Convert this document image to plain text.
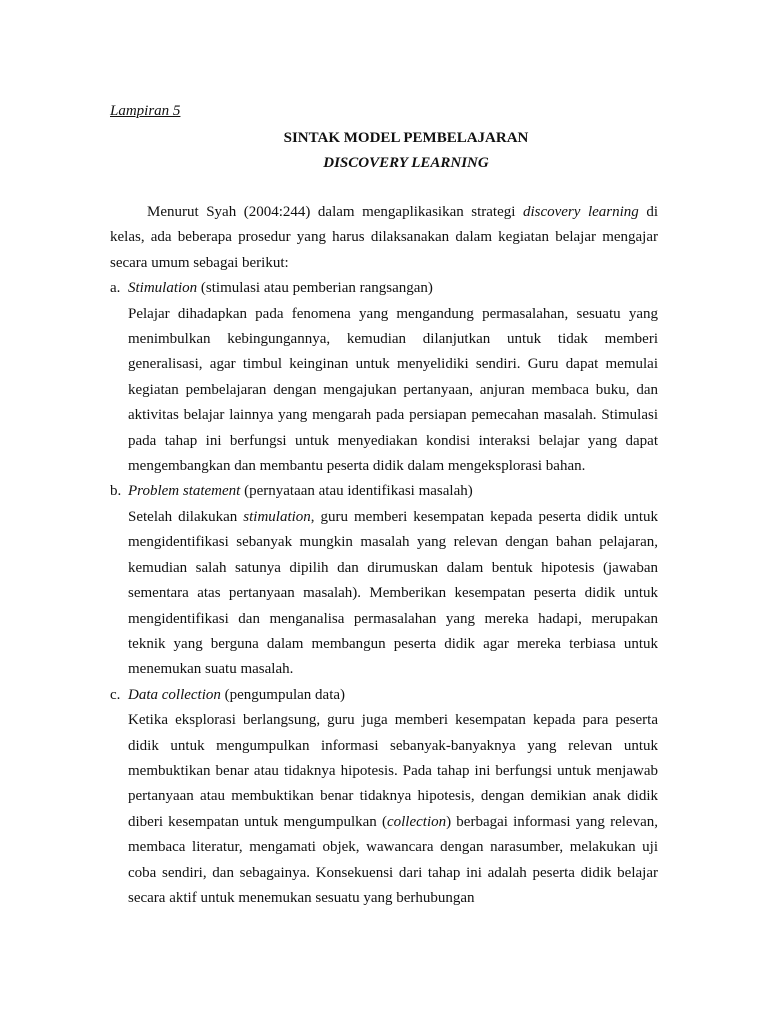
Lampiran 5
SINTAK MODEL PEMBELAJARAN
DISCOVERY LEARNING

Menurut Syah (2004:244) dalam mengaplikasikan strategi discovery learning di kelas, ada beberapa prosedur yang harus dilaksanakan dalam kegiatan belajar mengajar secara umum sebagai berikut:

a. Stimulation (stimulasi atau pemberian rangsangan)

Pelajar dihadapkan pada fenomena yang mengandung permasalahan, sesuatu yang menimbulkan kebingungannya, kemudian dilanjutkan untuk tidak memberi generalisasi, agar timbul keinginan untuk menyelidiki sendiri. Guru dapat memulai kegiatan pembelajaran dengan mengajukan pertanyaan, anjuran membaca buku, dan aktivitas belajar lainnya yang mengarah pada persiapan pemecahan masalah. Stimulasi pada tahap ini berfungsi untuk menyediakan kondisi interaksi belajar yang dapat mengembangkan dan membantu peserta didik dalam mengeksplorasi bahan.

b. Problem statement (pernyataan atau identifikasi masalah)

Setelah dilakukan stimulation, guru memberi kesempatan kepada peserta didik untuk mengidentifikasi sebanyak mungkin masalah yang relevan dengan bahan pelajaran, kemudian salah satunya dipilih dan dirumuskan dalam bentuk hipotesis (jawaban sementara atas pertanyaan masalah). Memberikan kesempatan peserta didik untuk mengidentifikasi dan menganalisa permasalahan yang mereka hadapi, merupakan teknik yang berguna dalam membangun peserta didik agar mereka terbiasa untuk menemukan suatu masalah.

c. Data collection (pengumpulan data)

Ketika eksplorasi berlangsung, guru juga memberi kesempatan kepada para peserta didik untuk mengumpulkan informasi sebanyak-banyaknya yang relevan untuk membuktikan benar atau tidaknya hipotesis. Pada tahap ini berfungsi untuk menjawab pertanyaan atau membuktikan benar tidaknya hipotesis, dengan demikian anak didik diberi kesempatan untuk mengumpulkan (collection) berbagai informasi yang relevan, membaca literatur, mengamati objek, wawancara dengan narasumber, melakukan uji coba sendiri, dan sebagainya. Konsekuensi dari tahap ini adalah peserta didik belajar secara aktif untuk menemukan sesuatu yang berhubungan
